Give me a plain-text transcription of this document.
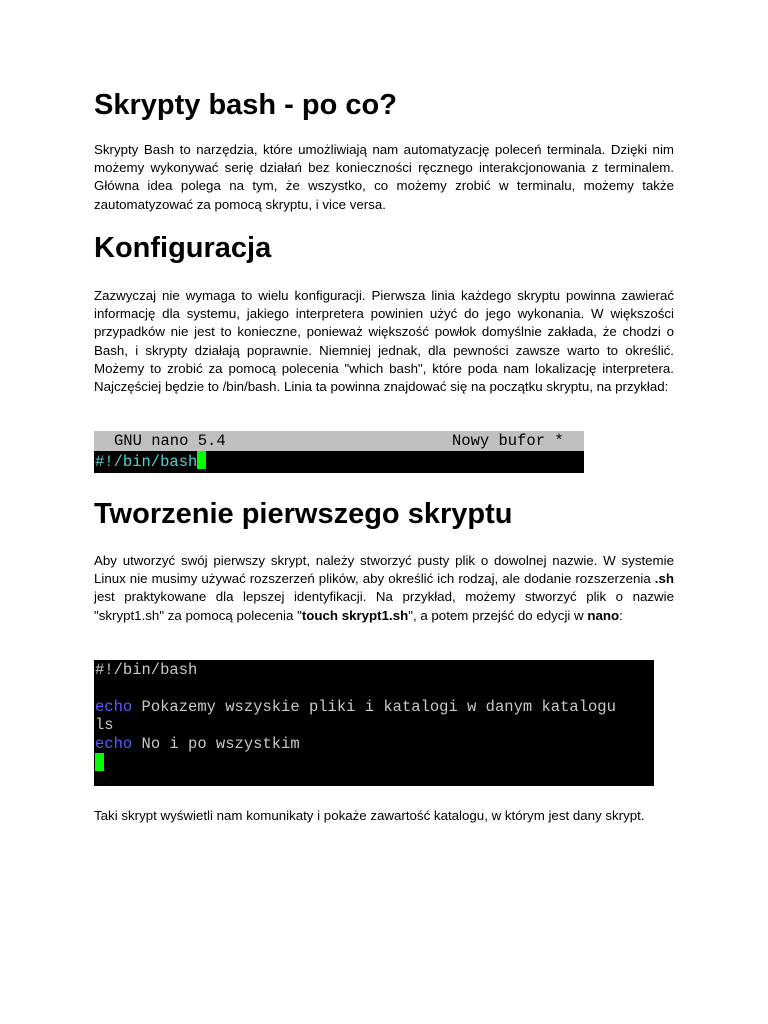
Skrypty bash - po co?

Skrypty Bash to narzędzia, które umożliwiają nam automatyzację poleceń terminala. Dzięki nim możemy wykonywać serię działań bez konieczności ręcznego interakcjonowania z terminalem. Główna idea polega na tym, że wszystko, co możemy zrobić w terminalu, możemy także zautomatyzować za pomocą skryptu, i vice versa.

Konfiguracja

Zazwyczaj nie wymaga to wielu konfiguracji. Pierwsza linia każdego skryptu powinna zawierać informację dla systemu, jakiego interpretera powinien użyć do jego wykonania. W większości przypadków nie jest to konieczne, ponieważ większość powłok domyślnie zakłada, że chodzi o Bash, i skrypty działają poprawnie. Niemniej jednak, dla pewności zawsze warto to określić. Możemy to zrobić za pomocą polecenia "which bash", które poda nam lokalizację interpretera. Najczęściej będzie to /bin/bash. Linia ta powinna znajdować się na początku skryptu, na przykład:

GNU nano 5.4	Nowy bufor *
#!/bin/bash
Tworzenie pierwszego skryptu

Aby utworzyć swój pierwszy skrypt, należy stworzyć pusty plik o dowolnej nazwie. W systemie Linux nie musimy używać rozszerzeń plików, aby określić ich rodzaj, ale dodanie rozszerzenia .sh jest praktykowane dla lepszej identyfikacji. Na przykład, możemy stworzyć plik o nazwie "skrypt1.sh" za pomocą polecenia "touch skrypt1.sh", a potem przejść do edycji w nano:

#!/bin/bash
echo Pokazemy wszyskie pliki i katalogi w danym katalogu
ls
echo No i po wszystkim

Taki skrypt wyświetli nam komunikaty i pokaże zawartość katalogu, w którym jest dany skrypt.
